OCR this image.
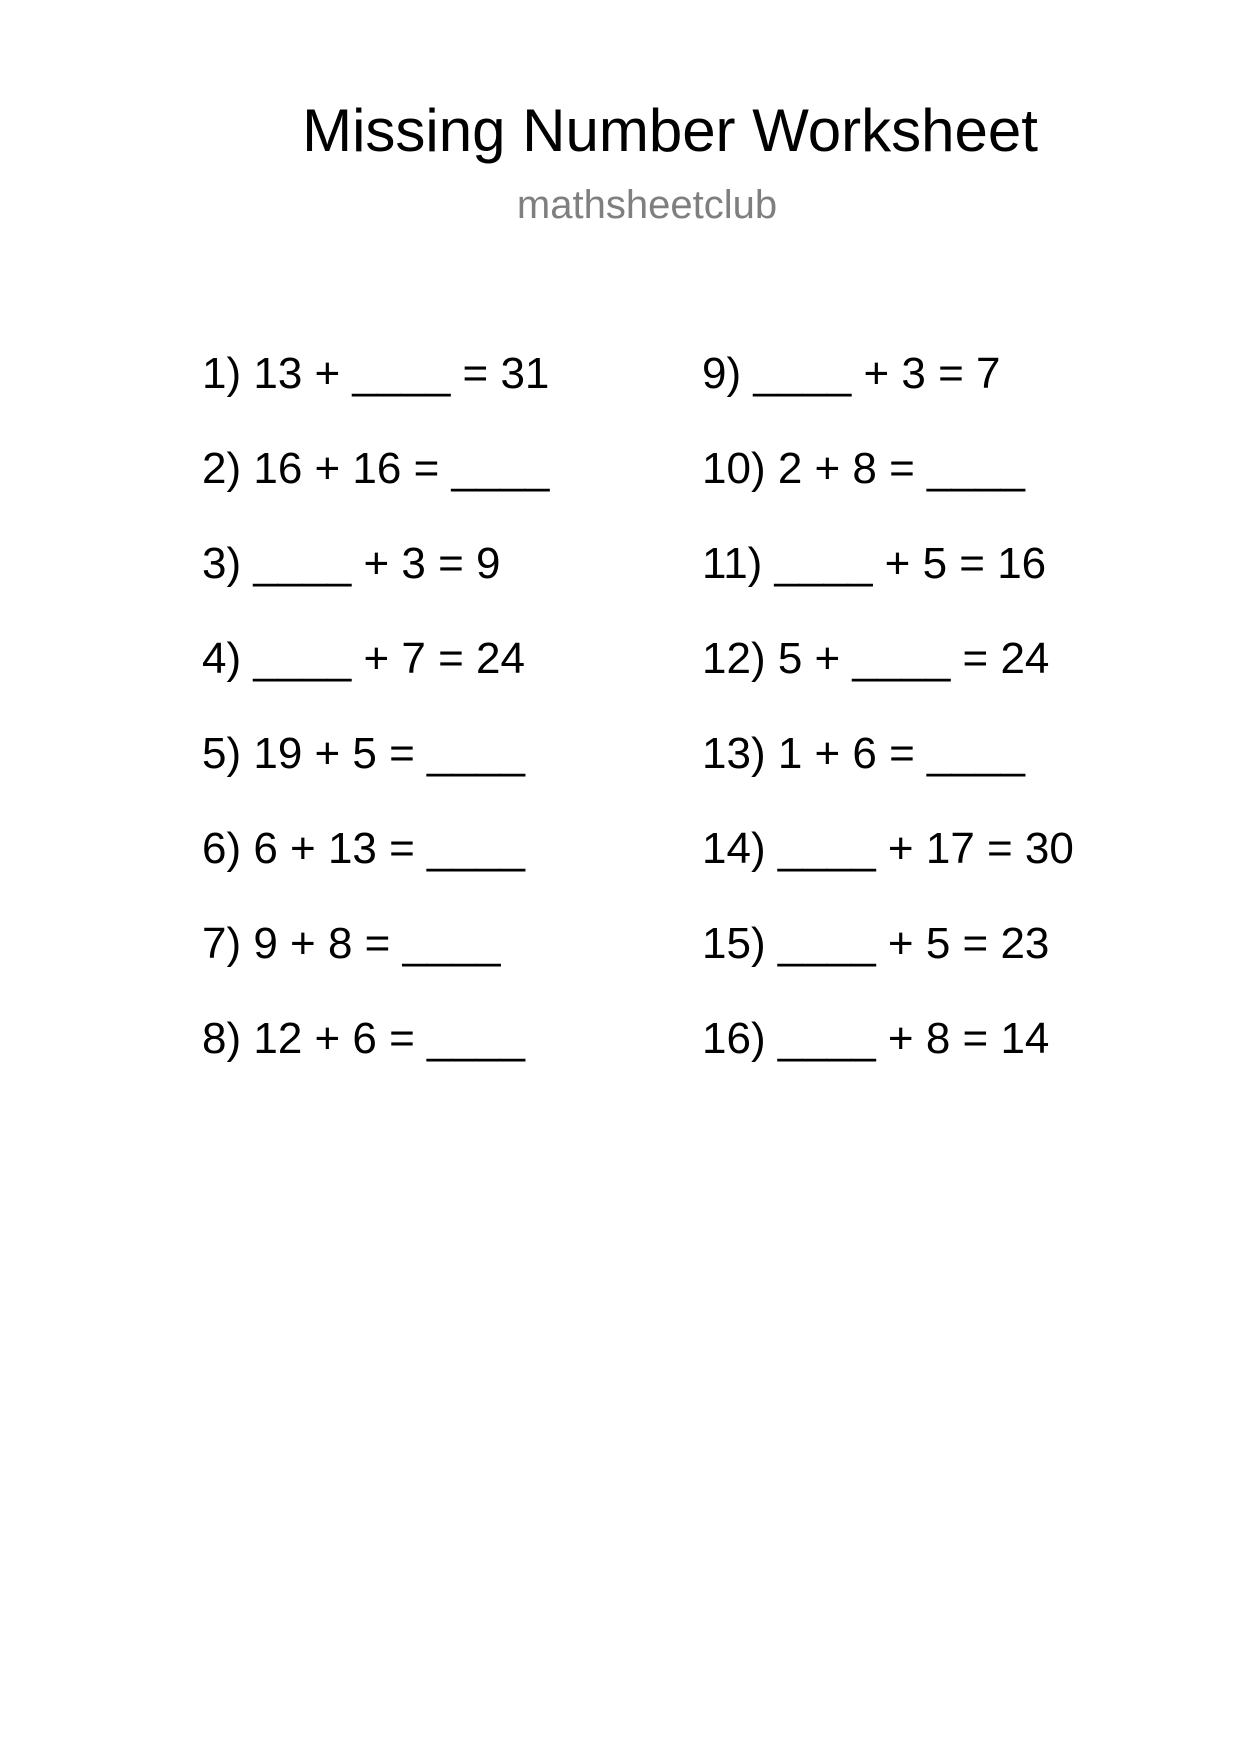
Missing Number Worksheet
mathsheetclub
1) 13 + ____ = 31
2) 16 + 16 = ____
3) ____ + 3 = 9
4) ____ + 7 = 24
5) 19 + 5 = ____
6) 6 + 13 = ____
7) 9 + 8 = ____
8) 12 + 6 = ____
9) ____ + 3 = 7
10) 2 + 8 = ____
11) ____ + 5 = 16
12) 5 + ____ = 24
13) 1 + 6 = ____
14) ____ + 17 = 30
15) ____ + 5 = 23
16) ____ + 8 = 14
